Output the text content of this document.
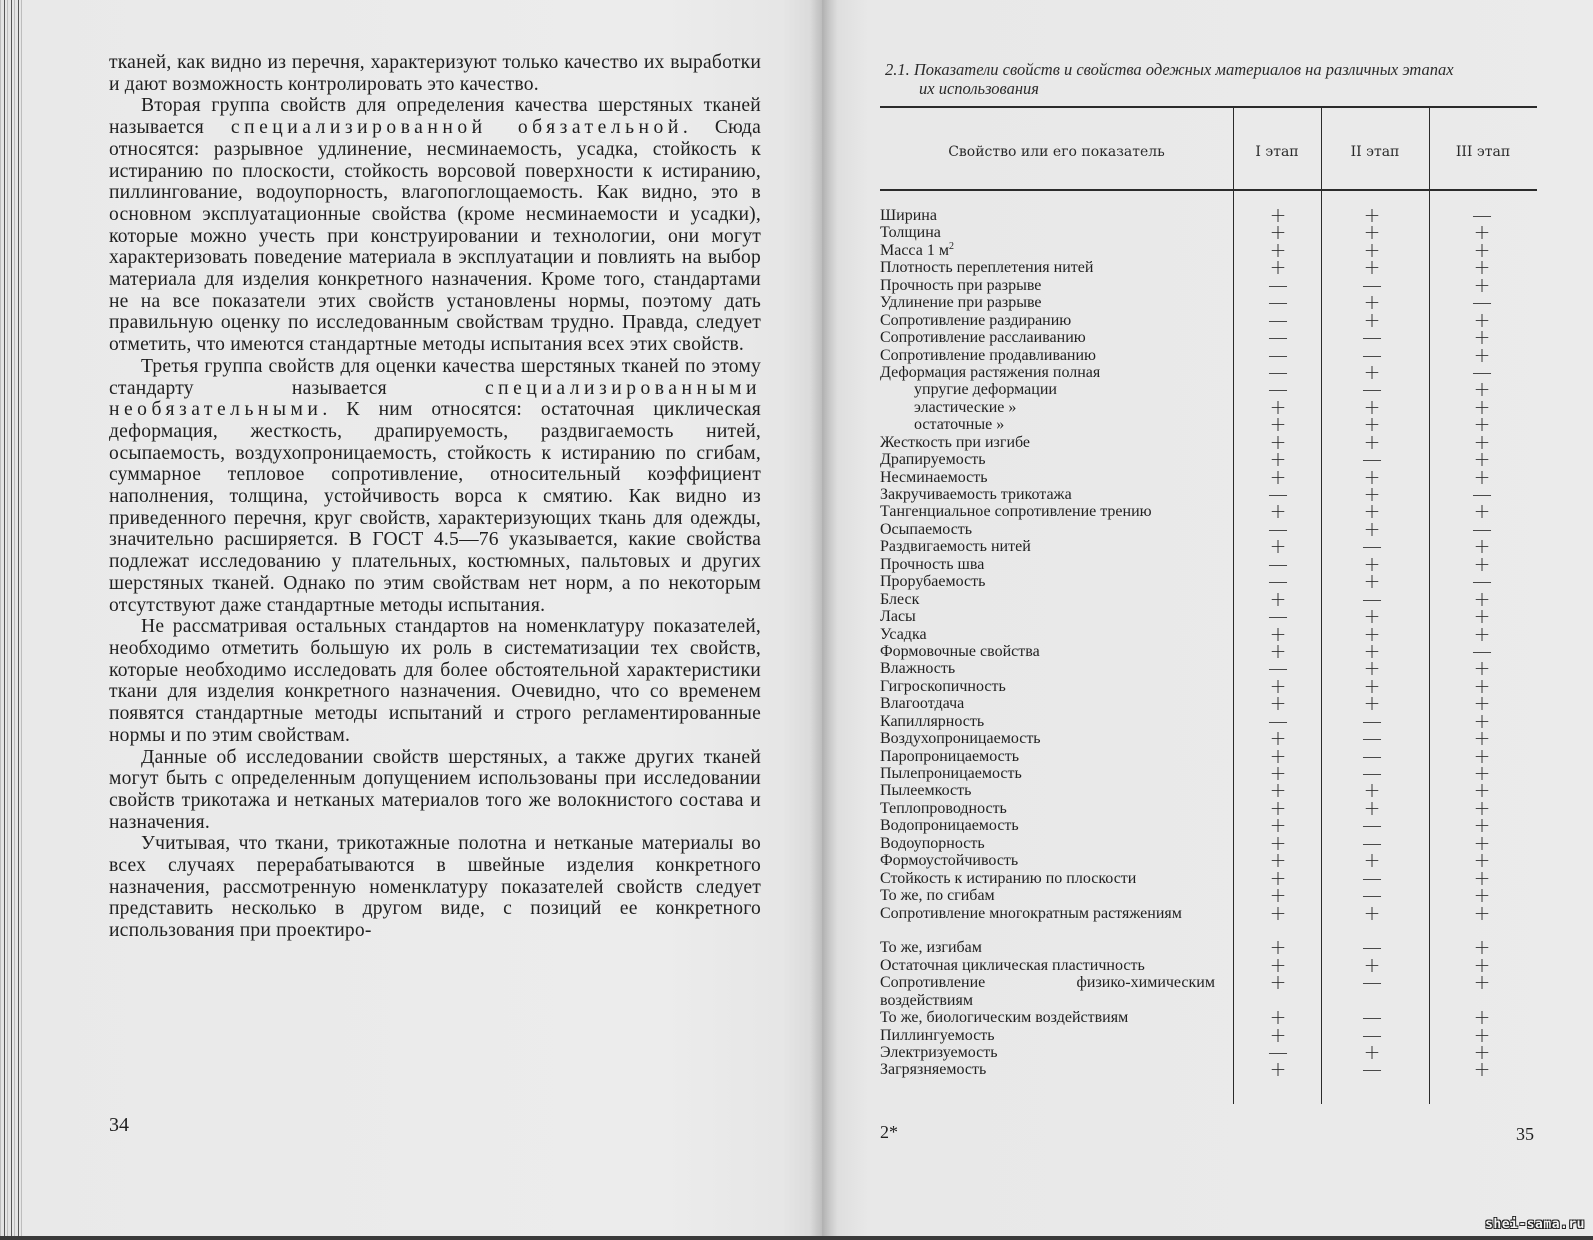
тканей, как видно из перечня, характеризуют только качество их выработки и дают возможность контролировать это качество.

Вторая группа свойств для определения качества шерстяных тканей называется специализированной обязательной. Сюда относятся: разрывное удлинение, несминаемость, усадка, стойкость к истиранию по плоскости, стойкость ворсовой поверхности к истиранию, пиллингование, водоупорность, влагопоглощаемость. Как видно, это в основном эксплуатационные свойства (кроме несминаемости и усадки), которые можно учесть при конструировании и технологии, они могут характеризовать поведение материала в эксплуатации и повлиять на выбор материала для изделия конкретного назначения. Кроме того, стандартами не на все показатели этих свойств установлены нормы, поэтому дать правильную оценку по исследованным свойствам трудно. Правда, следует отметить, что имеются стандартные методы испытания всех этих свойств.

Третья группа свойств для оценки качества шерстяных тканей по этому стандарту называется специализированными необязательными. К ним относятся: остаточная циклическая деформация, жесткость, драпируемость, раздвигаемость нитей, осыпаемость, воздухопроницаемость, стойкость к истиранию по сгибам, суммарное тепловое сопротивление, относительный коэффициент наполнения, толщина, устойчивость ворса к смятию. Как видно из приведенного перечня, круг свойств, характеризующих ткань для одежды, значительно расширяется. В ГОСТ 4.5—76 указывается, какие свойства подлежат исследованию у плательных, костюмных, пальтовых и других шерстяных тканей. Однако по этим свойствам нет норм, а по некоторым отсутствуют даже стандартные методы испытания.

Не рассматривая остальных стандартов на номенклатуру показателей, необходимо отметить большую их роль в систематизации тех свойств, которые необходимо исследовать для более обстоятельной характеристики ткани для изделия конкретного назначения. Очевидно, что со временем появятся стандартные методы испытаний и строго регламентированные нормы и по этим свойствам.

Данные об исследовании свойств шерстяных, а также других тканей могут быть с определенным допущением использованы при исследовании свойств трикотажа и нетканых материалов того же волокнистого состава и назначения.

Учитывая, что ткани, трикотажные полотна и нетканые материалы во всех случаях перерабатываются в швейные изделия конкретного назначения, рассмотренную номенклатуру показателей свойств следует представить несколько в другом виде, с позиций ее конкретного использования при проектиро-

34
2.1. Показатели свойств и свойства одежных материалов на различных этапах
их использования
Свойство или его показатель	I этап	II этап	III этап
Ширина	+	+	—
Толщина	+	+	+
Масса 1 $м^2$	+	+	+
Плотность переплетения нитей	+	+	+
Прочность при разрыве	—	—	+
Удлинение при разрыве	—	+	—
Сопротивление раздиранию	—	+	+
Сопротивление расслаиванию	—	—	+
Сопротивление продавливанию	—	—	+
Деформация растяжения полная	—	+	—
упругие деформации	—	—	+
эластические »	+	+	+
остаточные »	+	+	+
Жесткость при изгибе	+	+	+
Драпируемость	+	—	+
Несминаемость	+	+	+
Закручиваемость трикотажа	—	+	—
Тангенциальное сопротивление трению	+	+	+
Осыпаемость	—	+	—
Раздвигаемость нитей	+	—	+
Прочность шва	—	+	+
Прорубаемость	—	+	—
Блеск	+	—	+
Ласы	—	+	+
Усадка	+	+	+
Формовочные свойства	+	+	—
Влажность	—	+	+
Гигроскопичность	+	+	+
Влагоотдача	+	+	+
Капиллярность	—	—	+
Воздухопроницаемость	+	—	+
Паропроницаемость	+	—	+
Пылепроницаемость	+	—	+
Пылеемкость	+	+	+
Теплопроводность	+	+	+
Водопроницаемость	+	—	+
Водоупорность	+	—	+
Формоустойчивость	+	+	+
Стойкость к истиранию по плоскости	+	—	+
То же, по сгибам	+	—	+
Сопротивление многократным растяжениям	+	+	+
То же, изгибам	+	—	+
Остаточная циклическая пластичность	+	+	+
Сопротивление физико-химическим воздействиям
+	—	+
То же, биологическим воздействиям	+	—	+
Пиллингуемость	+	—	+
Электризуемость	—	+	+
Загрязняемость	+	—	+
2*	35
shei-sama.ru
